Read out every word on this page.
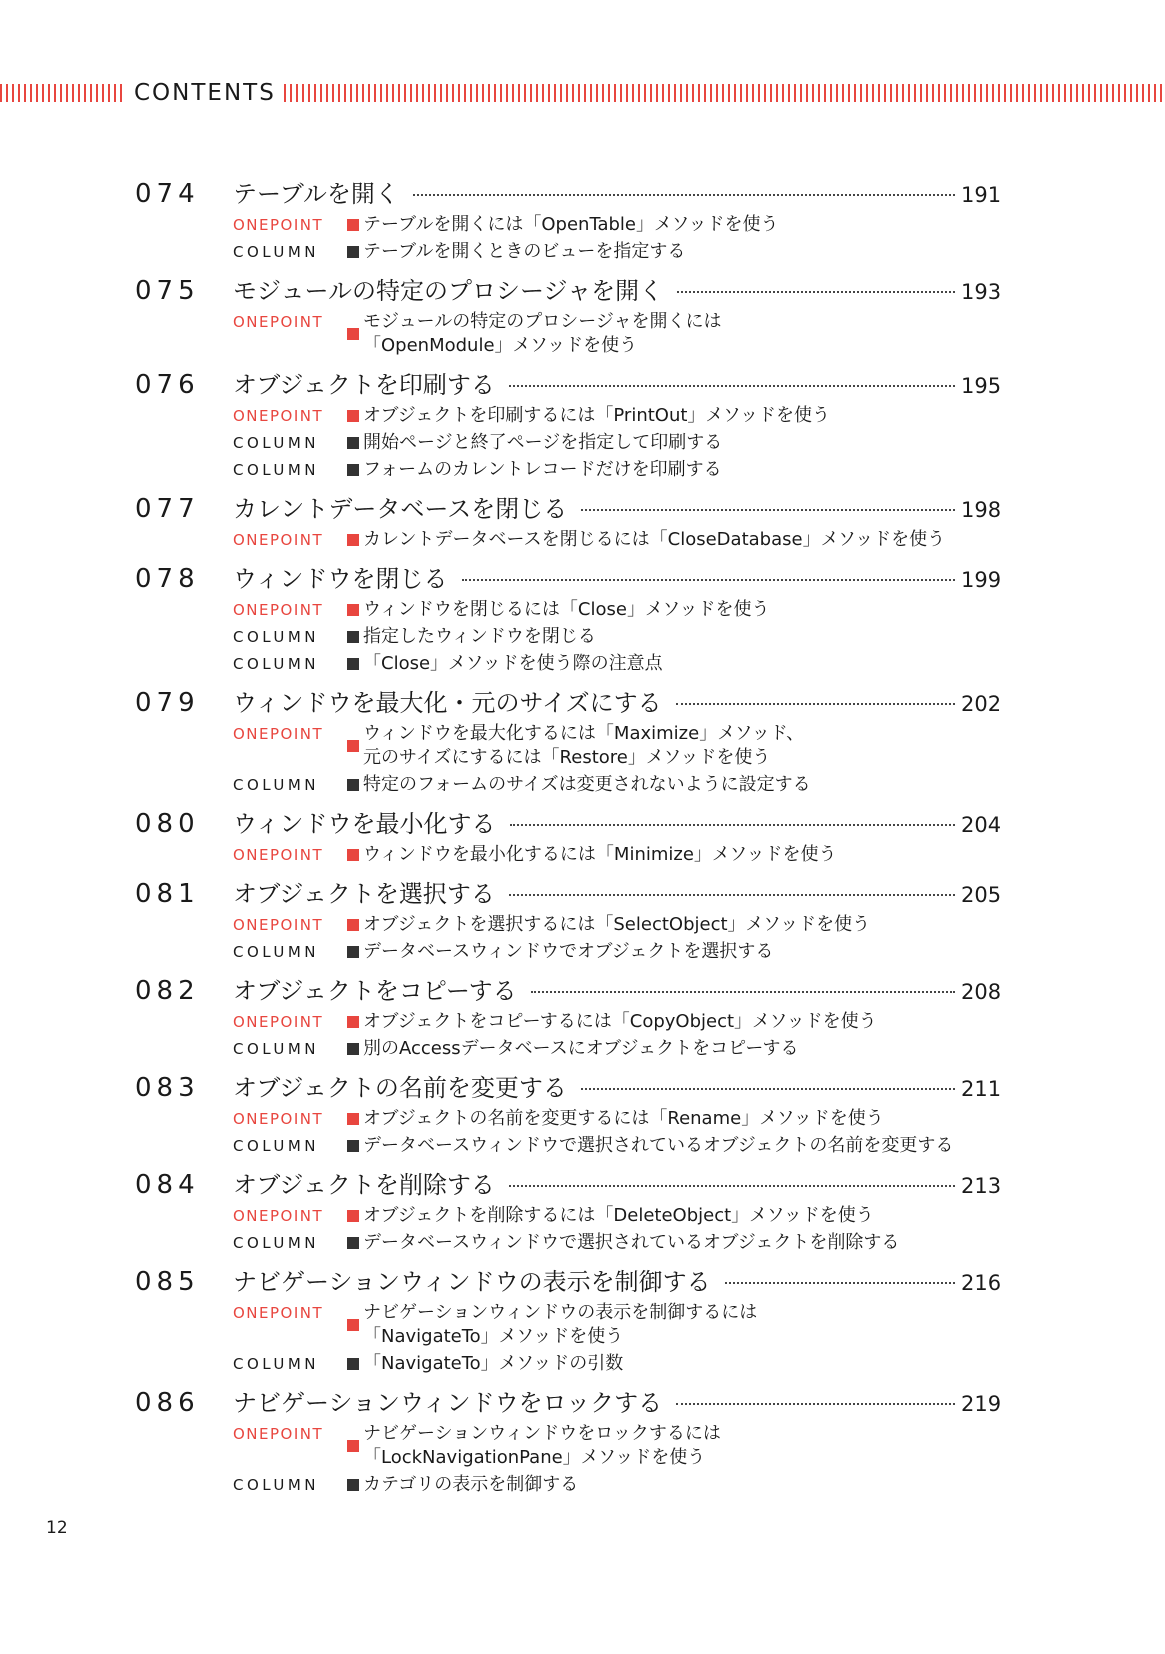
CONTENTS
074	テーブルを開く	191
ONEPOINT	テーブルを開くには「OpenTable」メソッドを使う
COLUMN	テーブルを開くときのビューを指定する
075	モジュールの特定のプロシージャを開く	193
ONEPOINT	モジュールの特定のプロシージャを開くには
「OpenModule」メソッドを使う
076	オブジェクトを印刷する	195
ONEPOINT	オブジェクトを印刷するには「PrintOut」メソッドを使う
COLUMN	開始ページと終了ページを指定して印刷する
COLUMN	フォームのカレントレコードだけを印刷する
077	カレントデータベースを閉じる	198
ONEPOINT	カレントデータベースを閉じるには「CloseDatabase」メソッドを使う
078	ウィンドウを閉じる	199
ONEPOINT	ウィンドウを閉じるには「Close」メソッドを使う
COLUMN	指定したウィンドウを閉じる
COLUMN	「Close」メソッドを使う際の注意点
079	ウィンドウを最大化・元のサイズにする	202
ONEPOINT	ウィンドウを最大化するには「Maximize」メソッド、
元のサイズにするには「Restore」メソッドを使う
COLUMN	特定のフォームのサイズは変更されないように設定する
080	ウィンドウを最小化する	204
ONEPOINT	ウィンドウを最小化するには「Minimize」メソッドを使う
081	オブジェクトを選択する	205
ONEPOINT	オブジェクトを選択するには「SelectObject」メソッドを使う
COLUMN	データベースウィンドウでオブジェクトを選択する
082	オブジェクトをコピーする	208
ONEPOINT	オブジェクトをコピーするには「CopyObject」メソッドを使う
COLUMN	別のAccessデータベースにオブジェクトをコピーする
083	オブジェクトの名前を変更する	211
ONEPOINT	オブジェクトの名前を変更するには「Rename」メソッドを使う
COLUMN	データベースウィンドウで選択されているオブジェクトの名前を変更する
084	オブジェクトを削除する	213
ONEPOINT	オブジェクトを削除するには「DeleteObject」メソッドを使う
COLUMN	データベースウィンドウで選択されているオブジェクトを削除する
085	ナビゲーションウィンドウの表示を制御する	216
ONEPOINT	ナビゲーションウィンドウの表示を制御するには
「NavigateTo」メソッドを使う
COLUMN	「NavigateTo」メソッドの引数
086	ナビゲーションウィンドウをロックする	219
ONEPOINT	ナビゲーションウィンドウをロックするには
「LockNavigationPane」メソッドを使う
COLUMN	カテゴリの表示を制御する
12
